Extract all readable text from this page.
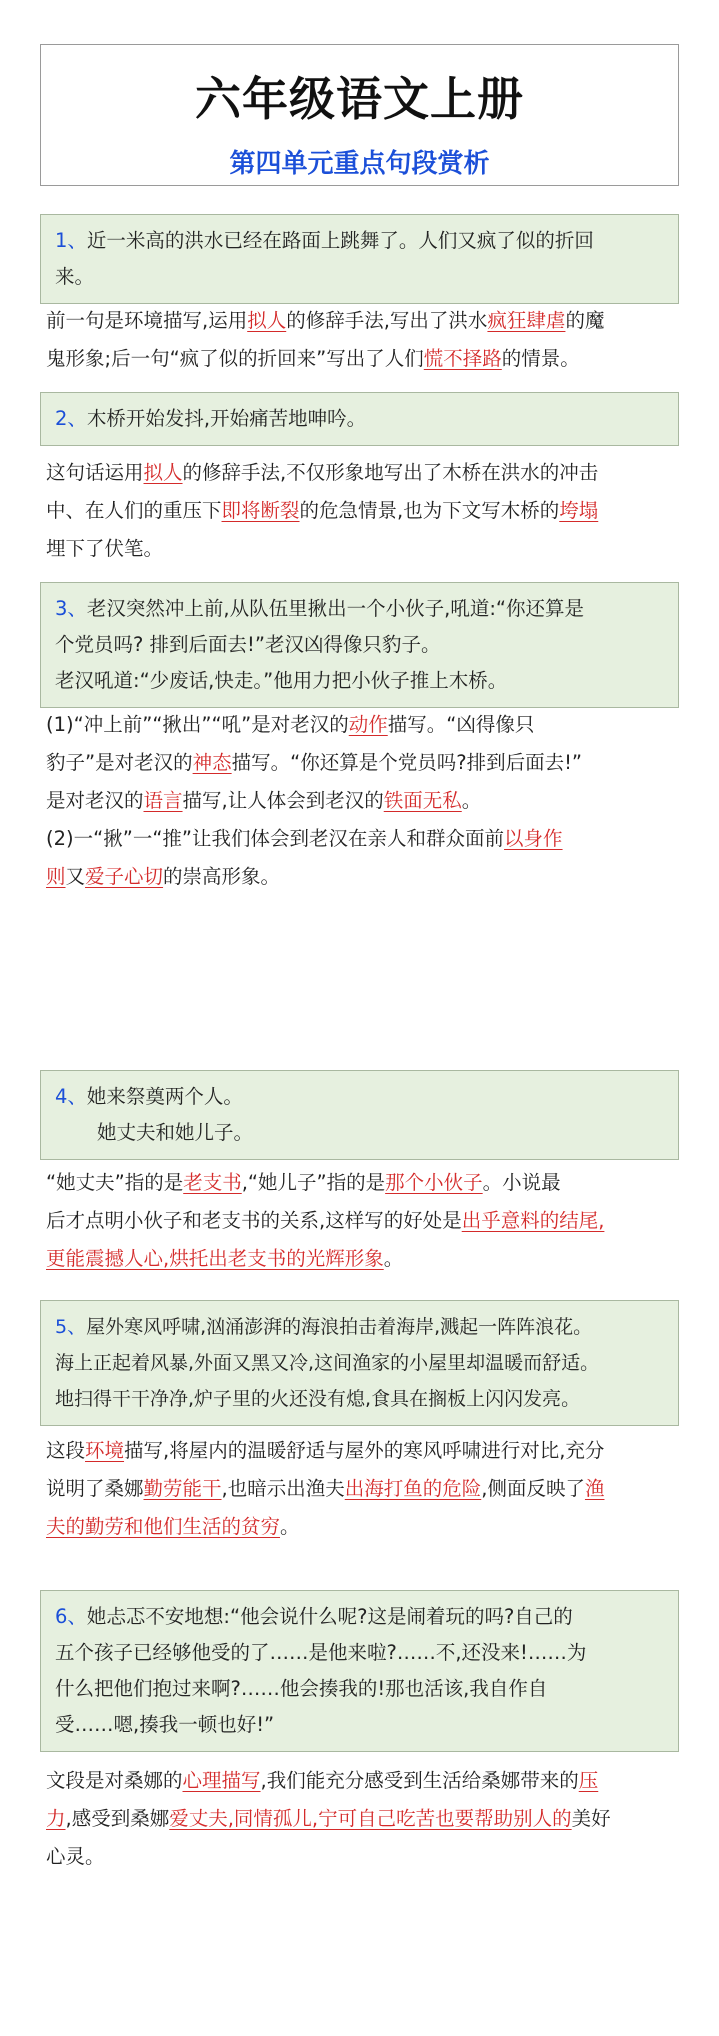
六年级语文上册
第四单元重点句段赏析
1、近一米高的洪水已经在路面上跳舞了。人们又疯了似的折回
来。
前一句是环境描写,运用拟人的修辞手法,写出了洪水疯狂肆虐的魔
鬼形象;后一句“疯了似的折回来”写出了人们慌不择路的情景。
2、木桥开始发抖,开始痛苦地呻吟。
这句话运用拟人的修辞手法,不仅形象地写出了木桥在洪水的冲击
中、在人们的重压下即将断裂的危急情景,也为下文写木桥的垮塌
埋下了伏笔。
3、老汉突然冲上前,从队伍里揪出一个小伙子,吼道:“你还算是
个党员吗? 排到后面去!”老汉凶得像只豹子。
老汉吼道:“少废话,快走。”他用力把小伙子推上木桥。
(1)“冲上前”“揪出”“吼”是对老汉的动作描写。“凶得像只
豹子”是对老汉的神态描写。“你还算是个党员吗?排到后面去!”
是对老汉的语言描写,让人体会到老汉的铁面无私。
(2)一“揪”一“推”让我们体会到老汉在亲人和群众面前以身作
则又爱子心切的崇高形象。
4、她来祭奠两个人。
她丈夫和她儿子。
“她丈夫”指的是老支书,“她儿子”指的是那个小伙子。小说最
后才点明小伙子和老支书的关系,这样写的好处是出乎意料的结尾,
更能震撼人心,烘托出老支书的光辉形象。
5、屋外寒风呼啸,汹涌澎湃的海浪拍击着海岸,溅起一阵阵浪花。
海上正起着风暴,外面又黑又冷,这间渔家的小屋里却温暖而舒适。
地扫得干干净净,炉子里的火还没有熄,食具在搁板上闪闪发亮。
这段环境描写,将屋内的温暖舒适与屋外的寒风呼啸进行对比,充分
说明了桑娜勤劳能干,也暗示出渔夫出海打鱼的危险,侧面反映了渔
夫的勤劳和他们生活的贫穷。
6、她忐忑不安地想:“他会说什么呢?这是闹着玩的吗?自己的
五个孩子已经够他受的了……是他来啦?……不,还没来!……为
什么把他们抱过来啊?……他会揍我的!那也活该,我自作自
受……嗯,揍我一顿也好!”
文段是对桑娜的心理描写,我们能充分感受到生活给桑娜带来的压
力,感受到桑娜爱丈夫,同情孤儿,宁可自己吃苦也要帮助别人的美好
心灵。
